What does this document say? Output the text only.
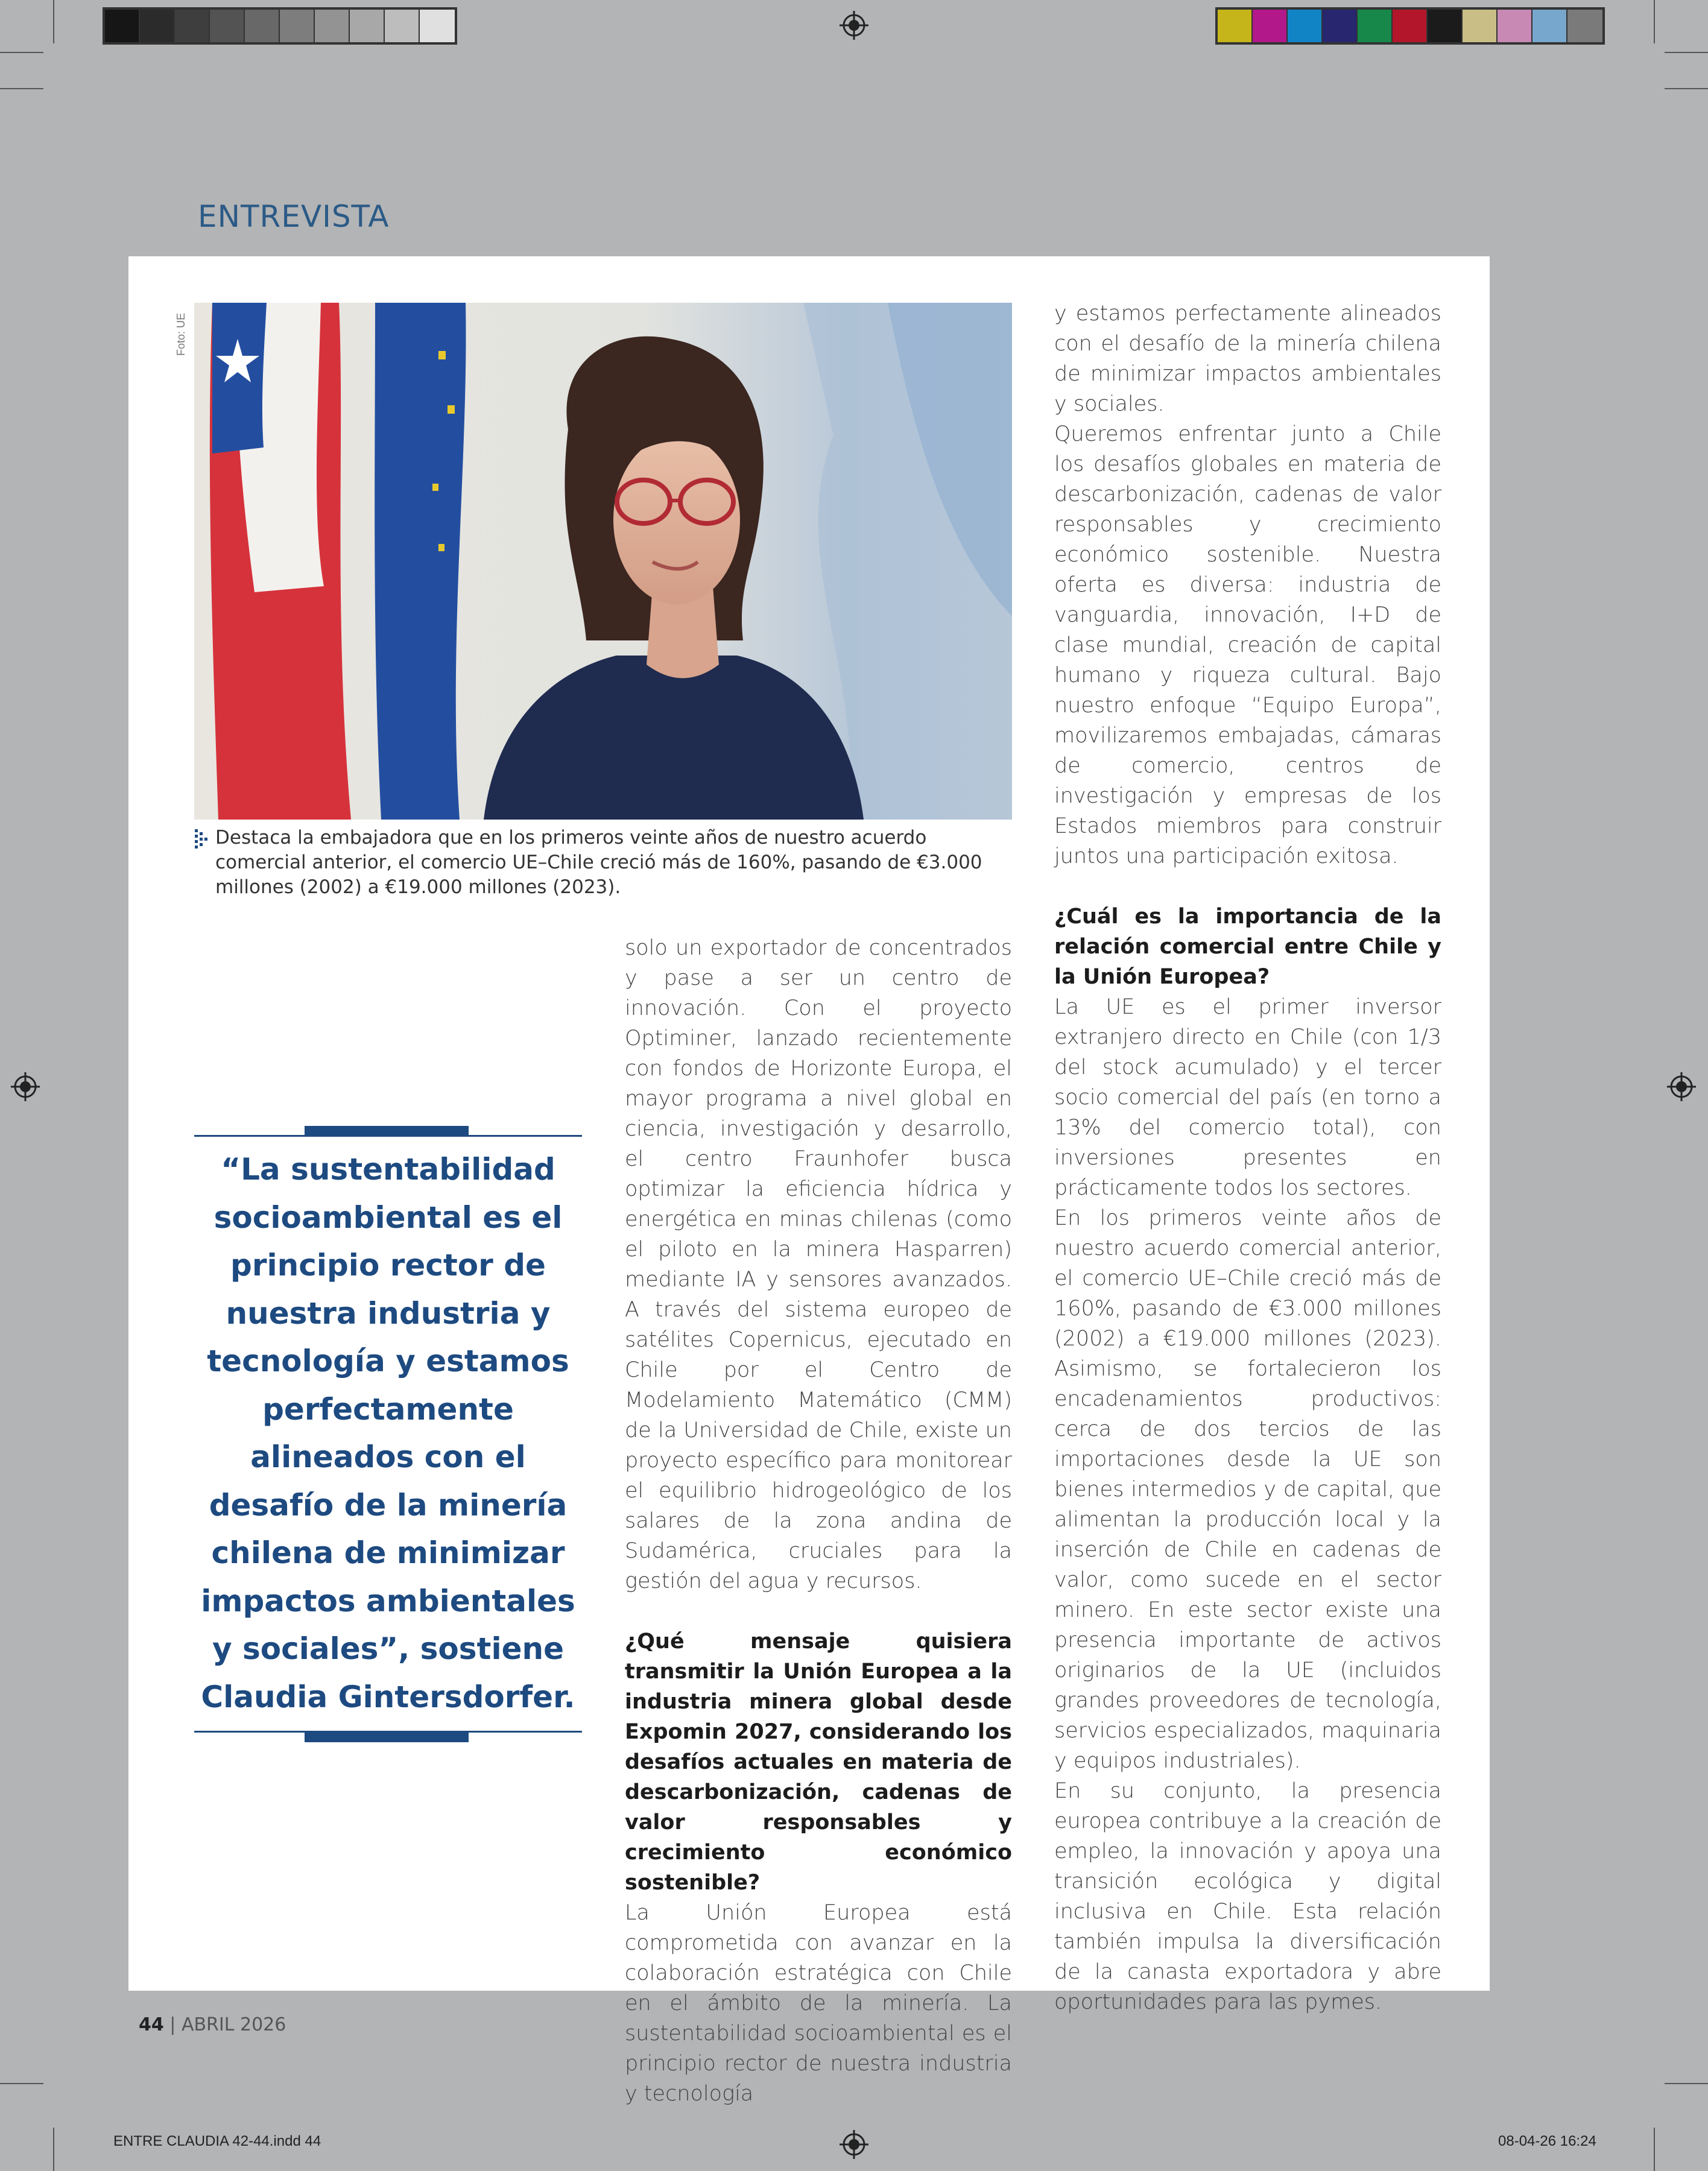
ENTREVISTA
Foto: UE

Destaca la embajadora que en los primeros veinte años de nuestro acuerdo comercial anterior, el comercio UE–Chile creció más de 160%, pasando de €3.000 millones (2002) a €19.000 millones (2023).

“La sustentabilidad socioambiental es el principio rector de nuestra industria y tecnología y estamos perfectamente alineados con el desafío de la minería chilena de minimizar impactos ambientales y sociales”, sostiene Claudia Gintersdorfer.

solo un exportador de concentrados y pase a ser un centro de innovación. Con el proyecto Optiminer, lanzado recientemente con fondos de Horizonte Europa, el mayor programa a nivel global en ciencia, investigación y desarrollo, el centro Fraunhofer busca optimizar la eficiencia hídrica y energética en minas chilenas (como el piloto en la minera Hasparren) mediante IA y sensores avanzados. A través del sistema europeo de satélites Copernicus, ejecutado en Chile por el Centro de Modelamiento Matemático (CMM) de la Universidad de Chile, existe un proyecto específico para monitorear el equilibrio hidrogeológico de los salares de la zona andina de Sudamérica, cruciales para la gestión del agua y recursos.

¿Qué mensaje quisiera transmitir la Unión Europea a la industria minera global desde Expomin 2027, considerando los desafíos actuales en materia de descarbonización, cadenas de valor responsables y crecimiento económico sostenible?

La Unión Europea está comprometida con avanzar en la colaboración estratégica con Chile en el ámbito de la minería. La sustentabilidad socioambiental es el principio rector de nuestra industria y tecnología

y estamos perfectamente alineados con el desafío de la minería chilena de minimizar impactos ambientales y sociales.

Queremos enfrentar junto a Chile los desafíos globales en materia de descarbonización, cadenas de valor responsables y crecimiento económico sostenible. Nuestra oferta es diversa: industria de vanguardia, innovación, I+D de clase mundial, creación de capital humano y riqueza cultural. Bajo nuestro enfoque “Equipo Europa”, movilizaremos embajadas, cámaras de comercio, centros de investigación y empresas de los Estados miembros para construir juntos una participación exitosa.

¿Cuál es la importancia de la relación comercial entre Chile y la Unión Europea?

La UE es el primer inversor extranjero directo en Chile (con 1/3 del stock acumulado) y el tercer socio comercial del país (en torno a 13% del comercio total), con inversiones presentes en prácticamente todos los sectores.

En los primeros veinte años de nuestro acuerdo comercial anterior, el comercio UE–Chile creció más de 160%, pasando de €3.000 millones (2002) a €19.000 millones (2023). Asimismo, se fortalecieron los encadenamientos productivos: cerca de dos tercios de las importaciones desde la UE son bienes intermedios y de capital, que alimentan la producción local y la inserción de Chile en cadenas de valor, como sucede en el sector minero. En este sector existe una presencia importante de activos originarios de la UE (incluidos grandes proveedores de tecnología, servicios especializados, maquinaria y equipos industriales).

En su conjunto, la presencia europea contribuye a la creación de empleo, la innovación y apoya una transición ecológica y digital inclusiva en Chile. Esta relación también impulsa la diversificación de la canasta exportadora y abre oportunidades para las pymes.

44 | ABRIL 2026
ENTRE CLAUDIA 42-44.indd 44	08-04-26 16:24
